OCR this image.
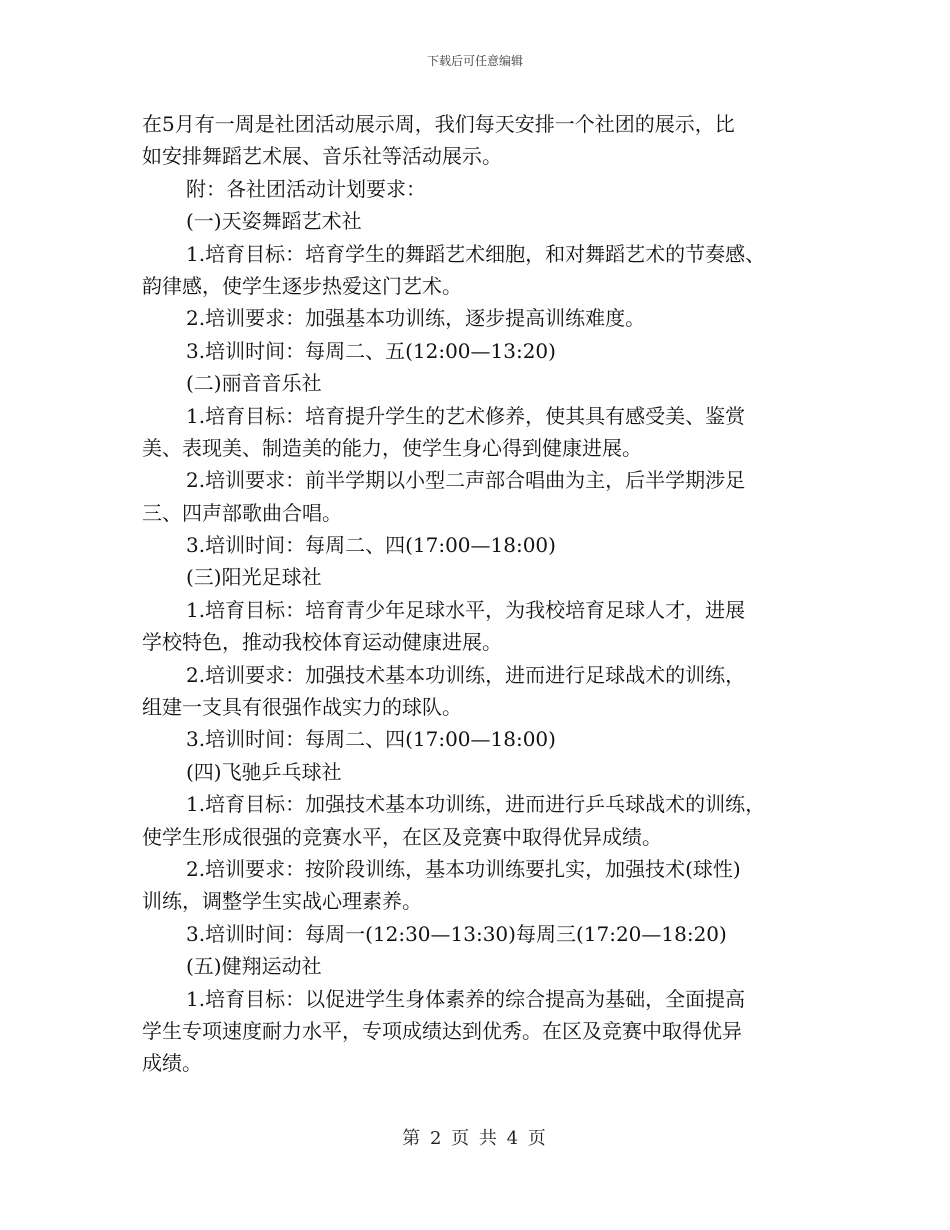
下载后可任意编辑
在5月有一周是社团活动展示周，我们每天安排一个社团的展示，比
如安排舞蹈艺术展、音乐社等活动展示。
附：各社团活动计划要求：
(一)天姿舞蹈艺术社
1.培育目标：培育学生的舞蹈艺术细胞，和对舞蹈艺术的节奏感、
韵律感，使学生逐步热爱这门艺术。
2.培训要求：加强基本功训练，逐步提高训练难度。
3.培训时间：每周二、五(12:00—13:20)
(二)丽音音乐社
1.培育目标：培育提升学生的艺术修养，使其具有感受美、鉴赏
美、表现美、制造美的能力，使学生身心得到健康进展。
2.培训要求：前半学期以小型二声部合唱曲为主，后半学期涉足
三、四声部歌曲合唱。
3.培训时间：每周二、四(17:00—18:00)
(三)阳光足球社
1.培育目标：培育青少年足球水平，为我校培育足球人才，进展
学校特色，推动我校体育运动健康进展。
2.培训要求：加强技术基本功训练，进而进行足球战术的训练，
组建一支具有很强作战实力的球队。
3.培训时间：每周二、四(17:00—18:00)
(四)飞驰乒乓球社
1.培育目标：加强技术基本功训练，进而进行乒乓球战术的训练，
使学生形成很强的竞赛水平，在区及竞赛中取得优异成绩。
2.培训要求：按阶段训练，基本功训练要扎实，加强技术(球性)
训练，调整学生实战心理素养。
3.培训时间：每周一(12:30—13:30)每周三(17:20—18:20)
(五)健翔运动社
1.培育目标：以促进学生身体素养的综合提高为基础，全面提高
学生专项速度耐力水平，专项成绩达到优秀。在区及竞赛中取得优异
成绩。
第 2 页 共 4 页
